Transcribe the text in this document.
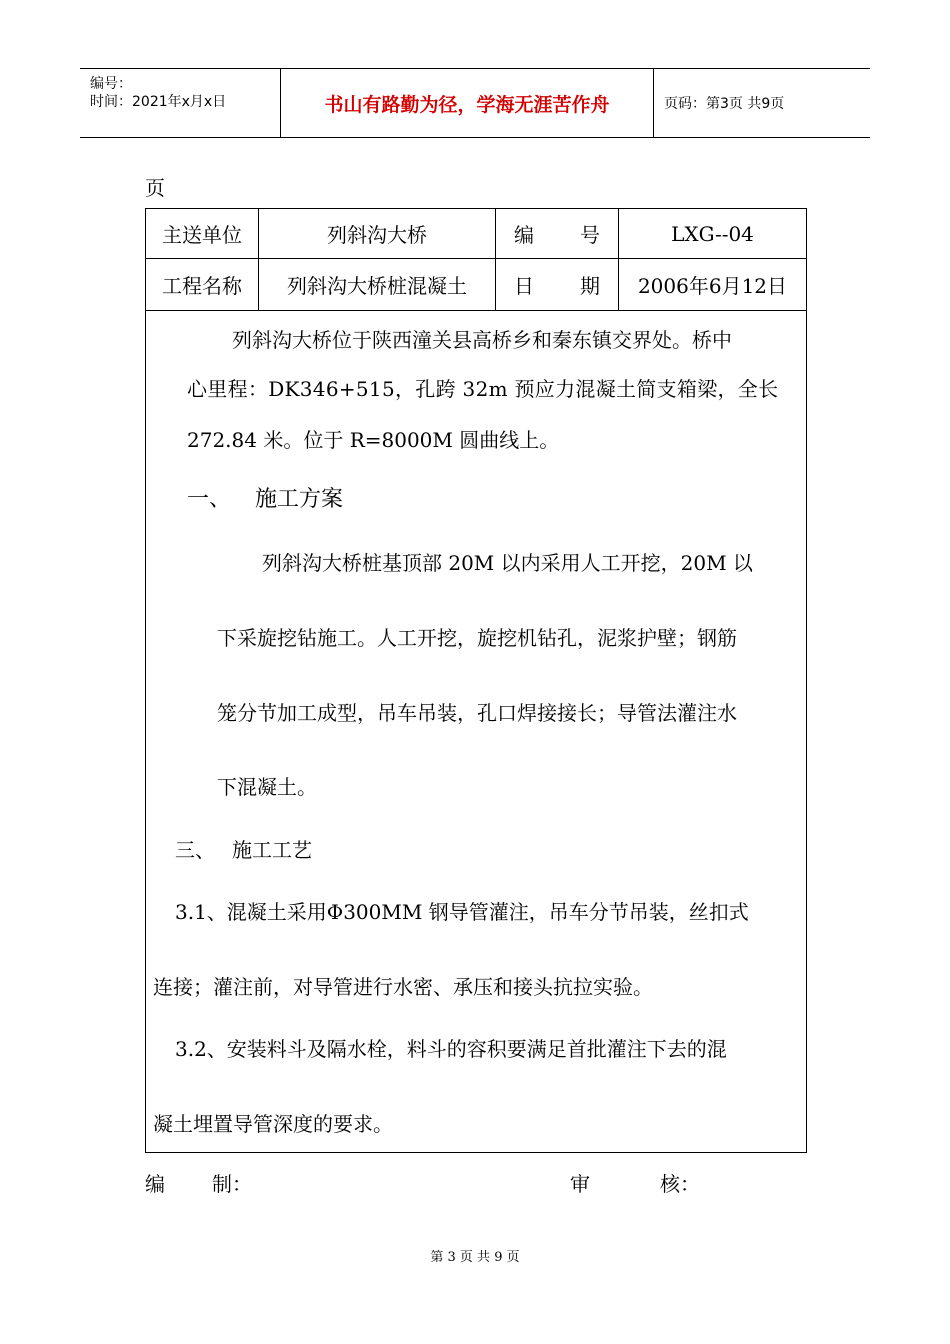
编号：
时间：2021年x月x日	书山有路勤为径，学海无涯苦作舟	页码：第3页 共9页
页
主送单位	列斜沟大桥	编 号	LXG--04
工程名称	列斜沟大桥桩混凝土	日 期	2006年6月12日
列斜沟大桥位于陕西潼关县高桥乡和秦东镇交界处。桥中
心里程：DK346+515，孔跨 32m 预应力混凝土简支箱梁，全长
272.84 米。位于 R=8000M 圆曲线上。
一、 施工方案
列斜沟大桥桩基顶部 20M 以内采用人工开挖，20M 以
下采旋挖钻施工。人工开挖，旋挖机钻孔，泥浆护壁；钢筋
笼分节加工成型，吊车吊装，孔口焊接接长；导管法灌注水
下混凝土。
三、 施工工艺
3.1、混凝土采用Φ300MM 钢导管灌注，吊车分节吊装，丝扣式
连接；灌注前，对导管进行水密、承压和接头抗拉实验。
3.2、安装料斗及隔水栓，料斗的容积要满足首批灌注下去的混
凝土埋置导管深度的要求。
编 制：	审	核：
第 3 页 共 9 页
